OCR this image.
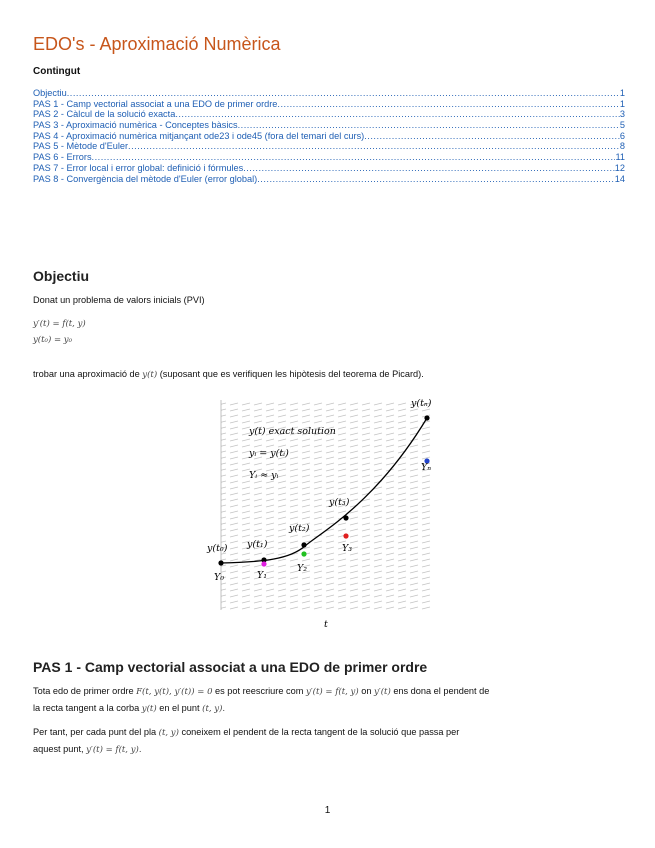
EDO's - Aproximació Numèrica
Contingut
Objectiu .....	1
PAS 1 - Camp vectorial associat a una EDO de primer ordre .....	1
PAS 2 - Càlcul de la solució exacta .....	3
PAS 3 - Aproximació numèrica - Conceptes bàsics .....	5
PAS 4 - Aproximació numèrica mitjançant ode23 i ode45 (fora del temari del curs) .....	6
PAS 5 - Mètode d'Euler .....	8
PAS 6 - Errors .....	11
PAS 7 - Error local i error global: definició i fórmules .....	12
PAS 8 - Convergència del mètode d'Euler (error global) .....	14
Objectiu
Donat un problema de valors inicials (PVI)
y′(t) = f(t, y)
y(t₀) = y₀
trobar una aproximació de y(t) (suposant que es verifiquen les hipòtesis del teorema de Picard).
y(t) exact solution
yᵢ = y(tᵢ)
Yᵢ ≈ yᵢ
y(tₙ)
Yₙ
y(t₃)
Y₃
y(t₂)
Y₂
y(t₁)
Y₁
y(t₀)
Y₀
t
PAS 1 - Camp vectorial associat a una EDO de primer ordre
Tota edo de primer ordre F(t, y(t), y′(t)) = 0 es pot reescriure com y′(t) = f(t, y) on y′(t) ens dona el pendent de
la recta tangent a la corba y(t) en el punt (t, y).
Per tant, per cada punt del pla (t, y) coneixem el pendent de la recta tangent de la solució que passa per
aquest punt, y′(t) = f(t, y).
1
